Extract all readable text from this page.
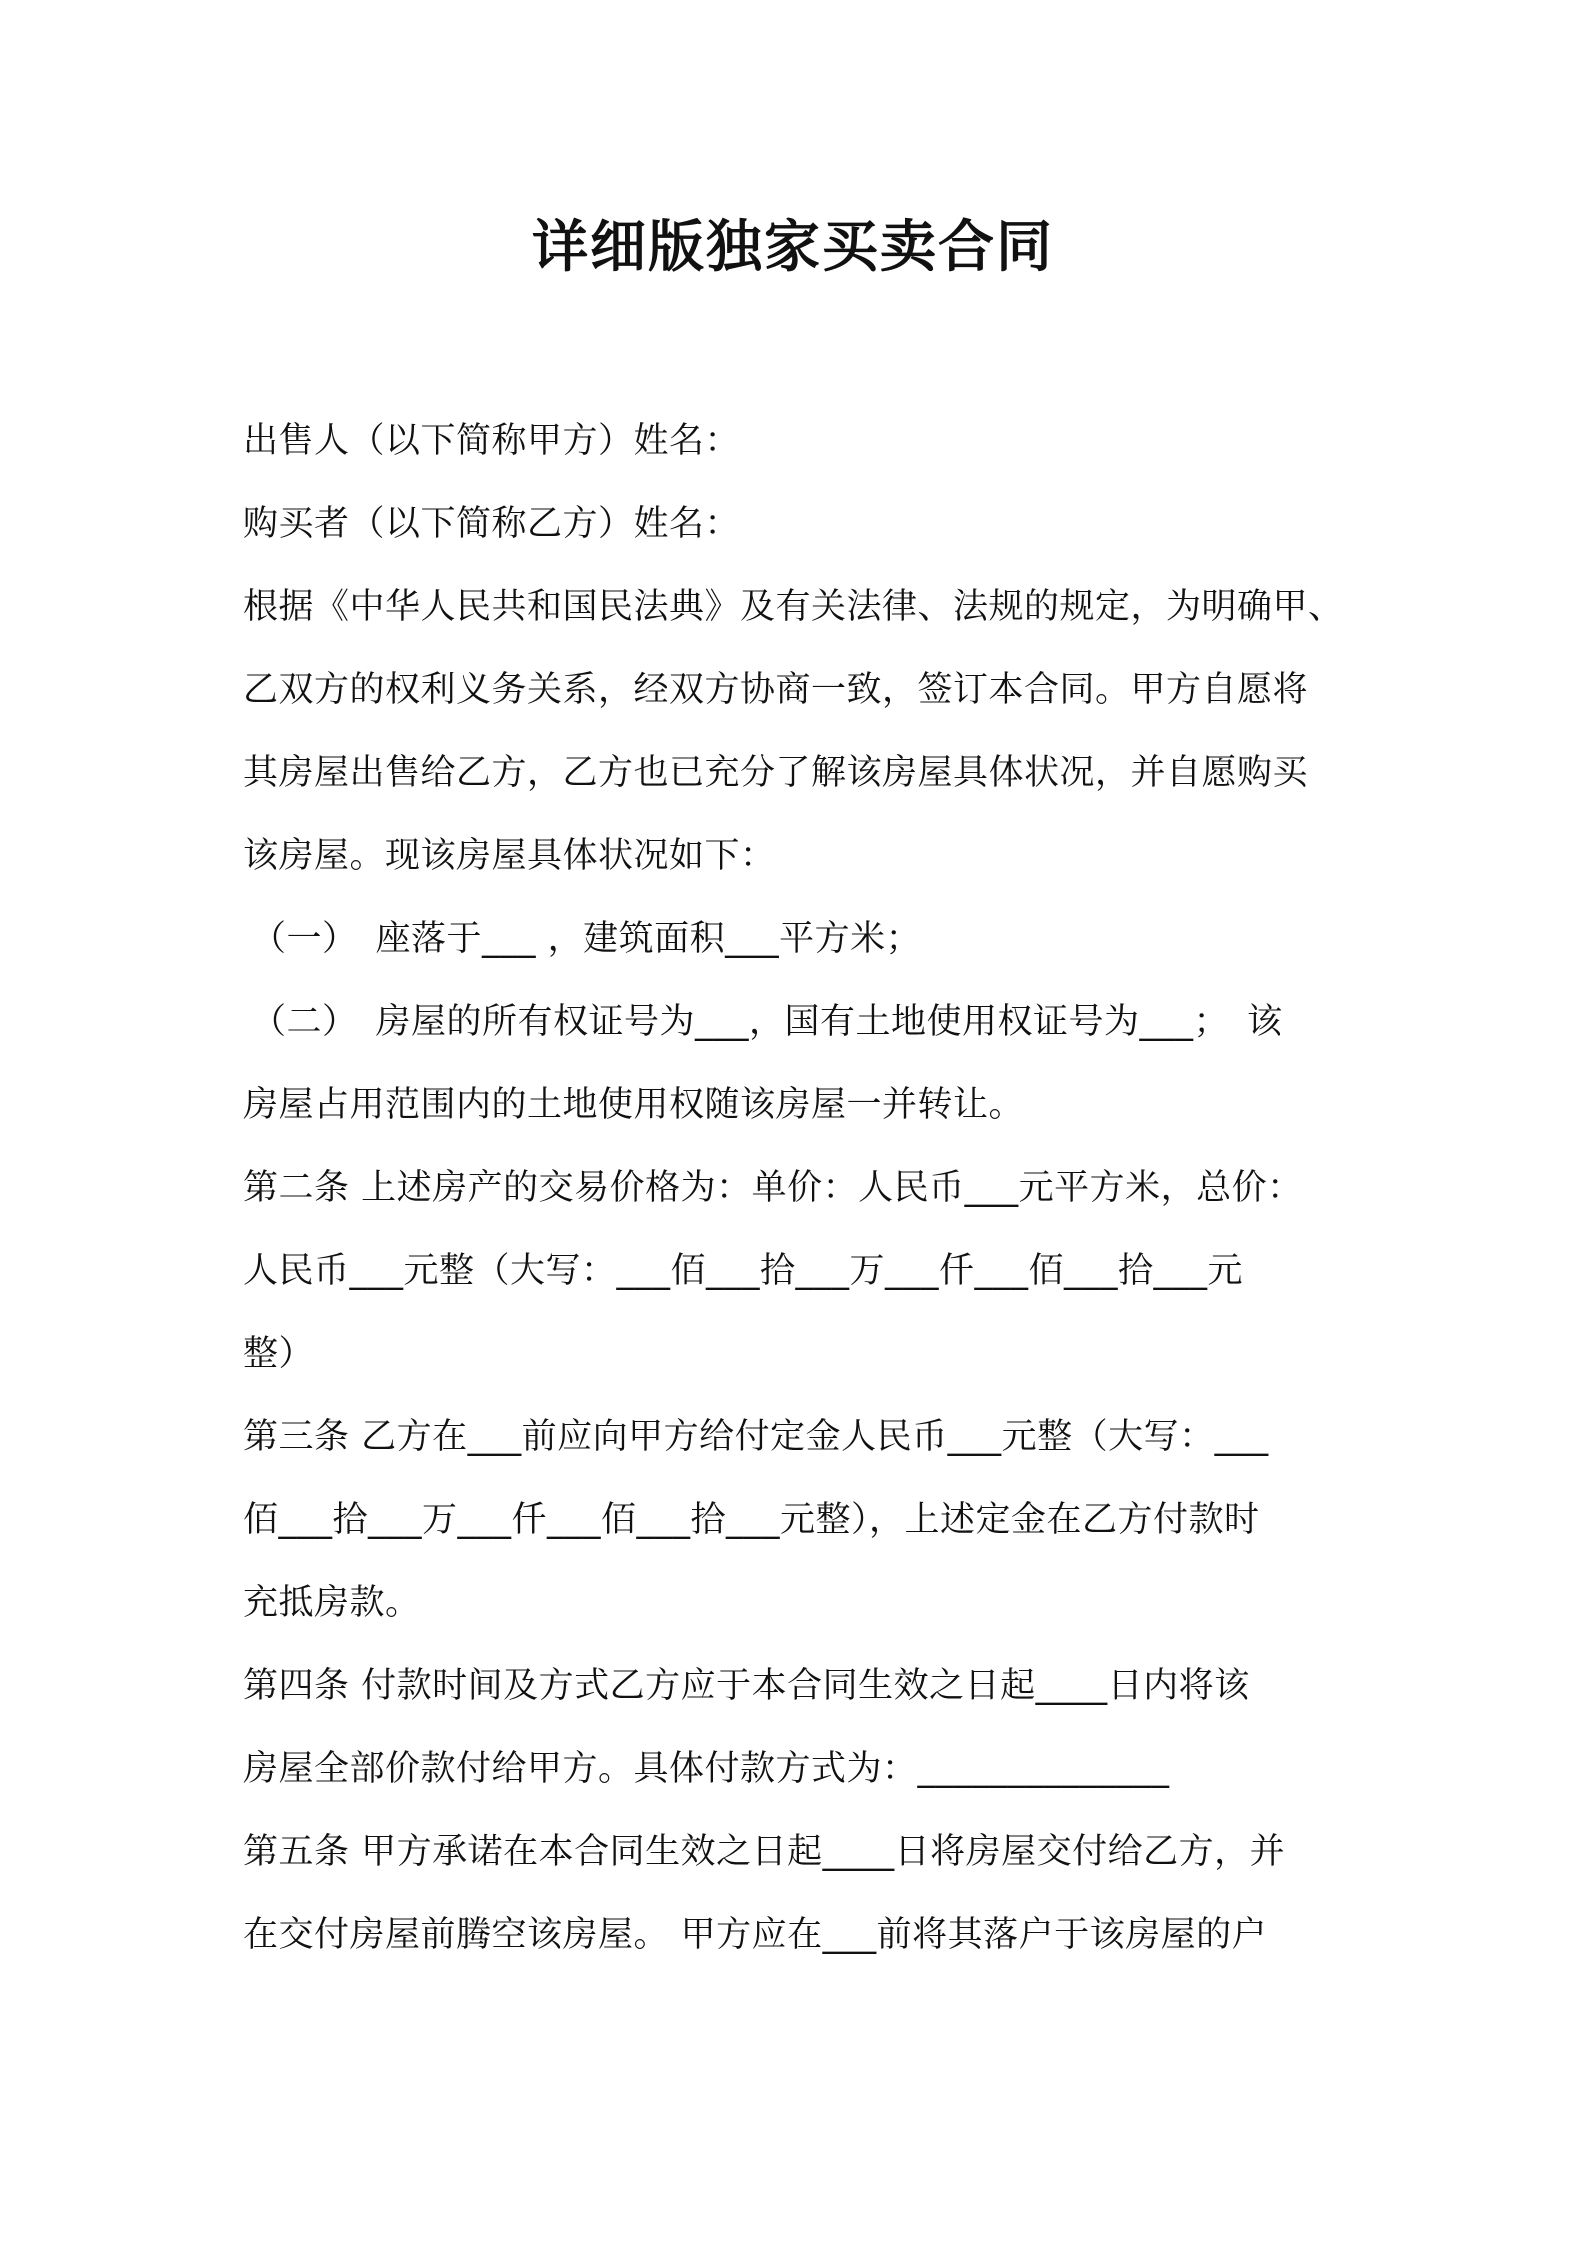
详细版独家买卖合同
出售人（以下简称甲方）姓名：
购买者（以下简称乙方）姓名：
根据《中华人民共和国民法典》及有关法律、法规的规定，为明确甲、
乙双方的权利义务关系，经双方协商一致，签订本合同。甲方自愿将
其房屋出售给乙方，乙方也已充分了解该房屋具体状况，并自愿购买
该房屋。现该房屋具体状况如下：
（一）　座落于___ ，建筑面积___平方米；
（二）　房屋的所有权证号为___，国有土地使用权证号为___；　该
房屋占用范围内的土地使用权随该房屋一并转让。
第二条 上述房产的交易价格为：单价：人民币___元平方米，总价：
人民币___元整（大写：___佰___拾___万___仟___佰___拾___元
整）
第三条 乙方在___前应向甲方给付定金人民币___元整（大写：___
佰___拾___万___仟___佰___拾___元整），上述定金在乙方付款时
充抵房款。
第四条 付款时间及方式乙方应于本合同生效之日起____日内将该
房屋全部价款付给甲方。具体付款方式为：______________
第五条 甲方承诺在本合同生效之日起____日将房屋交付给乙方，并
在交付房屋前腾空该房屋。 甲方应在___前将其落户于该房屋的户
